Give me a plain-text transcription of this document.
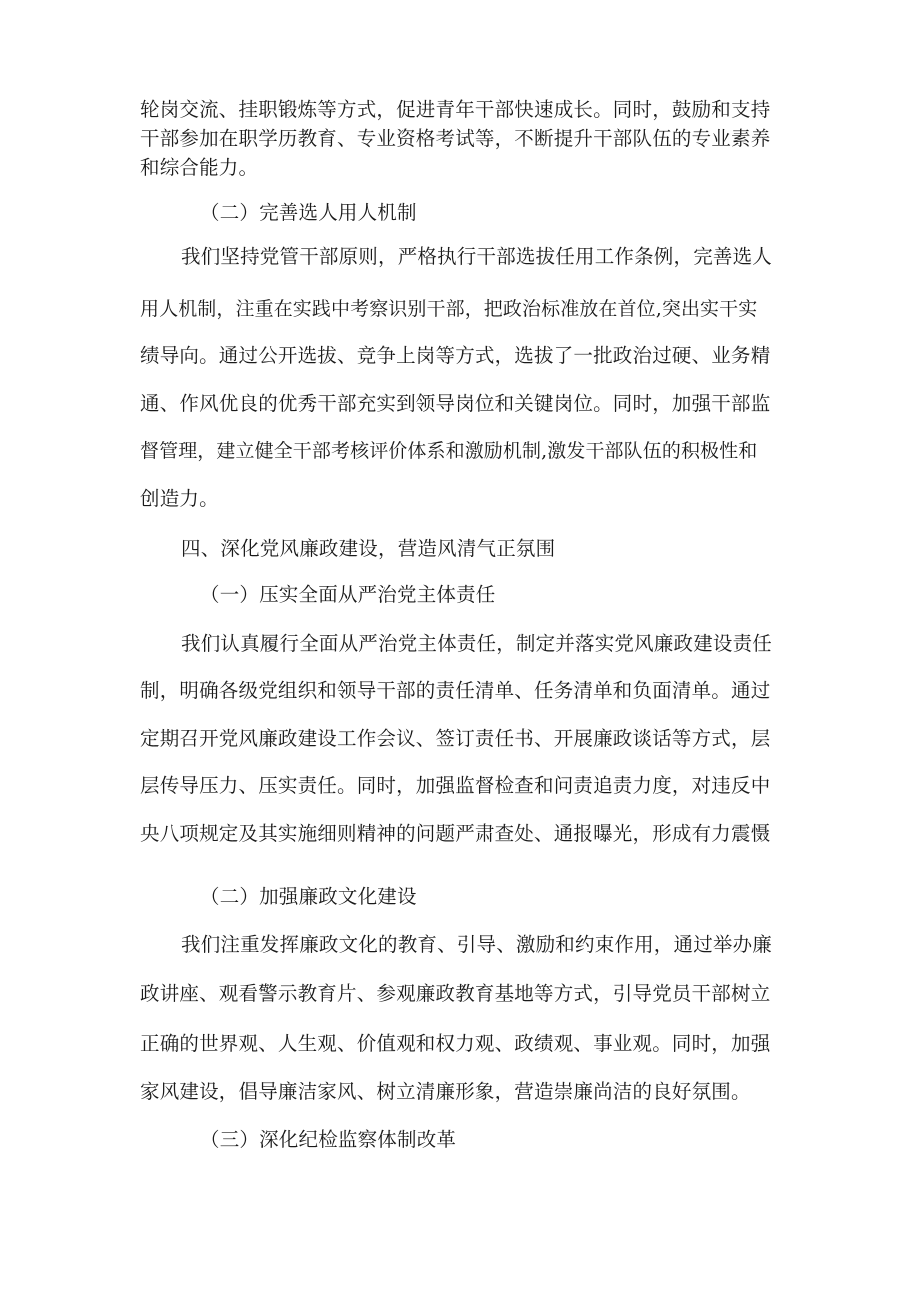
轮岗交流、挂职锻炼等方式，促进青年干部快速成长。同时，鼓励和支持
干部参加在职学历教育、专业资格考试等，不断提升干部队伍的专业素养
和综合能力。
（二）完善选人用人机制
我们坚持党管干部原则，严格执行干部选拔任用工作条例，完善选人
用人机制，注重在实践中考察识别干部，把政治标准放在首位,突出实干实
绩导向。通过公开选拔、竞争上岗等方式，选拔了一批政治过硬、业务精
通、作风优良的优秀干部充实到领导岗位和关键岗位。同时，加强干部监
督管理，建立健全干部考核评价体系和激励机制,激发干部队伍的积极性和
创造力。
四、深化党风廉政建设，营造风清气正氛围
（一）压实全面从严治党主体责任
我们认真履行全面从严治党主体责任，制定并落实党风廉政建设责任
制，明确各级党组织和领导干部的责任清单、任务清单和负面清单。通过
定期召开党风廉政建设工作会议、签订责任书、开展廉政谈话等方式，层
层传导压力、压实责任。同时，加强监督检查和问责追责力度，对违反中
央八项规定及其实施细则精神的问题严肃查处、通报曝光，形成有力震慑
（二）加强廉政文化建设
我们注重发挥廉政文化的教育、引导、激励和约束作用，通过举办廉
政讲座、观看警示教育片、参观廉政教育基地等方式，引导党员干部树立
正确的世界观、人生观、价值观和权力观、政绩观、事业观。同时，加强
家风建设，倡导廉洁家风、树立清廉形象，营造崇廉尚洁的良好氛围。
（三）深化纪检监察体制改革
